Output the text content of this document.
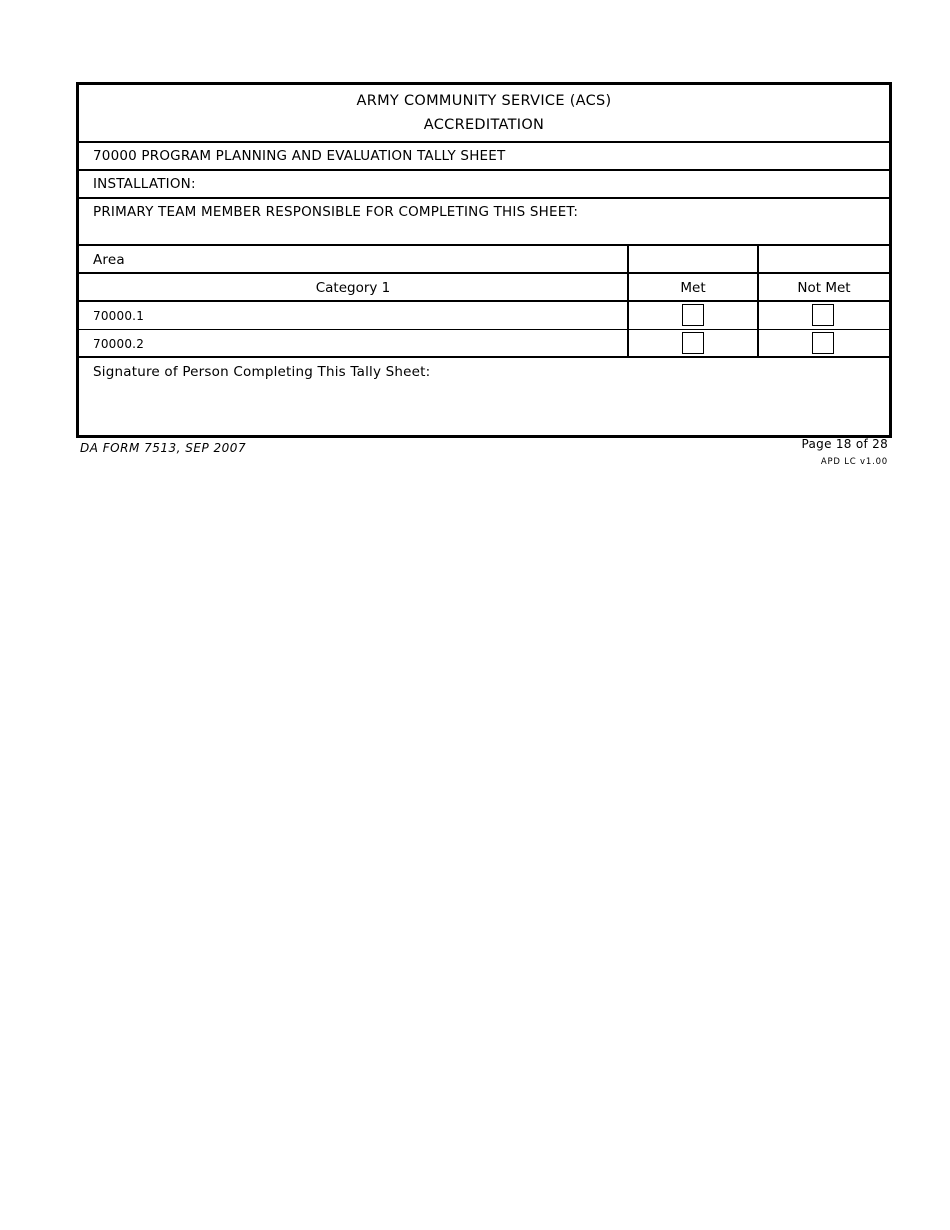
ARMY COMMUNITY SERVICE (ACS)
ACCREDITATION
70000 PROGRAM PLANNING AND EVALUATION TALLY SHEET
INSTALLATION:
PRIMARY TEAM MEMBER RESPONSIBLE FOR COMPLETING THIS SHEET:
Area
Category 1	Met	Not Met
70000.1
70000.2
Signature of Person Completing This Tally Sheet:
DA FORM 7513, SEP 2007	Page 18 of 28
APD LC v1.00
